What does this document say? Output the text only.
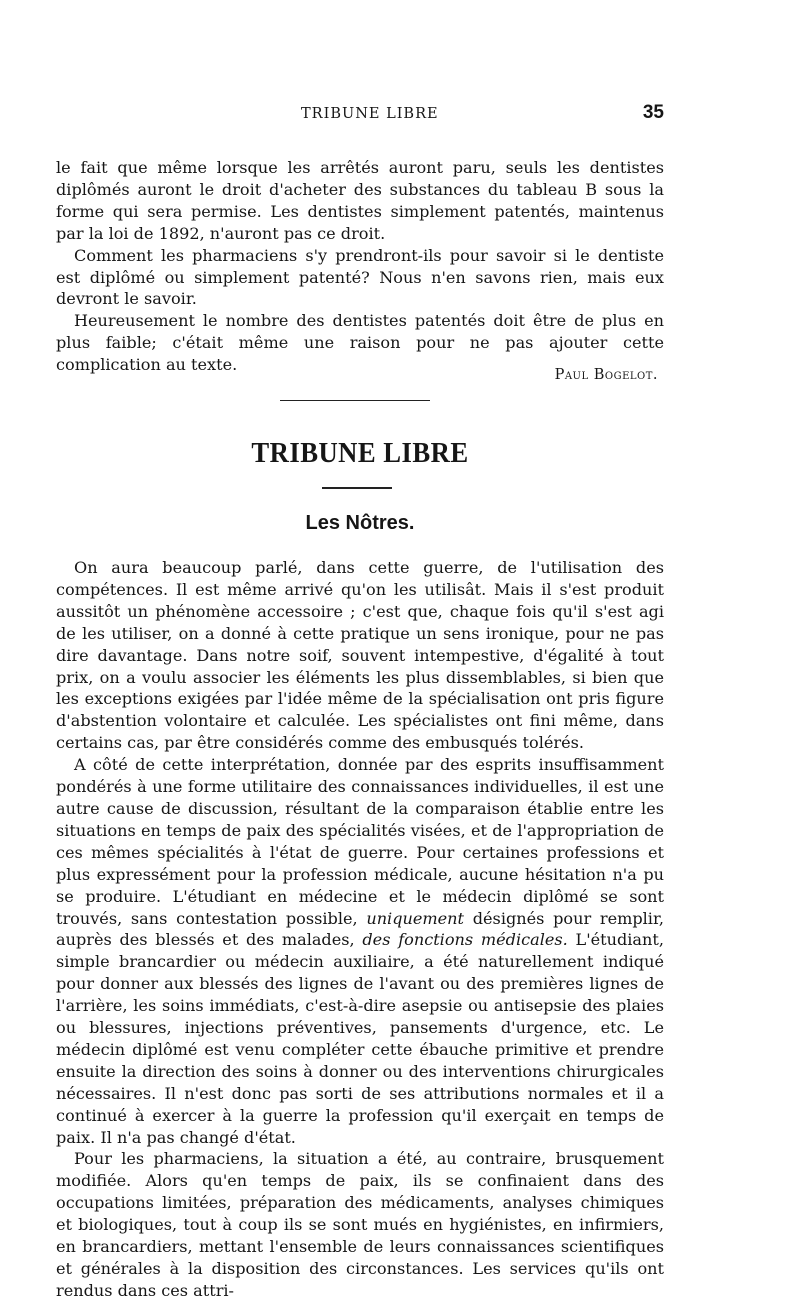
TRIBUNE LIBRE	35

le fait que même lorsque les arrêtés auront paru, seuls les dentistes diplômés auront le droit d'acheter des substances du tableau B sous la forme qui sera permise. Les dentistes simplement patentés, maintenus par la loi de 1892, n'auront pas ce droit.

Comment les pharmaciens s'y prendront-ils pour savoir si le dentiste est diplômé ou simplement patenté? Nous n'en savons rien, mais eux devront le savoir.

Heureusement le nombre des dentistes patentés doit être de plus en plus faible; c'était même une raison pour ne pas ajouter cette complication au texte.

Paul Bogelot.
TRIBUNE LIBRE
Les Nôtres.

On aura beaucoup parlé, dans cette guerre, de l'utilisation des compétences. Il est même arrivé qu'on les utilisât. Mais il s'est produit aussitôt un phénomène accessoire ; c'est que, chaque fois qu'il s'est agi de les utiliser, on a donné à cette pratique un sens ironique, pour ne pas dire davantage. Dans notre soif, souvent intempestive, d'égalité à tout prix, on a voulu associer les éléments les plus dissemblables, si bien que les exceptions exigées par l'idée même de la spécialisation ont pris figure d'abstention volontaire et calculée. Les spécialistes ont fini même, dans certains cas, par être considérés comme des embusqués tolérés.

A côté de cette interprétation, donnée par des esprits insuffisamment pondérés à une forme utilitaire des connaissances individuelles, il est une autre cause de discussion, résultant de la comparaison établie entre les situations en temps de paix des spécialités visées, et de l'appropriation de ces mêmes spécialités à l'état de guerre. Pour certaines professions et plus expressément pour la profession médicale, aucune hésitation n'a pu se produire. L'étudiant en médecine et le médecin diplômé se sont trouvés, sans contestation possible, uniquement désignés pour remplir, auprès des blessés et des malades, des fonctions médicales. L'étudiant, simple brancardier ou médecin auxiliaire, a été naturellement indiqué pour donner aux blessés des lignes de l'avant ou des premières lignes de l'arrière, les soins immédiats, c'est-à-dire asepsie ou antisepsie des plaies ou blessures, injections préventives, pansements d'urgence, etc. Le médecin diplômé est venu compléter cette ébauche primitive et prendre ensuite la direction des soins à donner ou des interventions chirurgicales nécessaires. Il n'est donc pas sorti de ses attributions normales et il a continué à exercer à la guerre la profession qu'il exerçait en temps de paix. Il n'a pas changé d'état.

Pour les pharmaciens, la situation a été, au contraire, brusquement modifiée. Alors qu'en temps de paix, ils se confinaient dans des occupations limitées, préparation des médicaments, analyses chimiques et biologiques, tout à coup ils se sont mués en hygiénistes, en infirmiers, en brancardiers, mettant l'ensemble de leurs connaissances scientifiques et générales à la disposition des circonstances. Les services qu'ils ont rendus dans ces attri-
